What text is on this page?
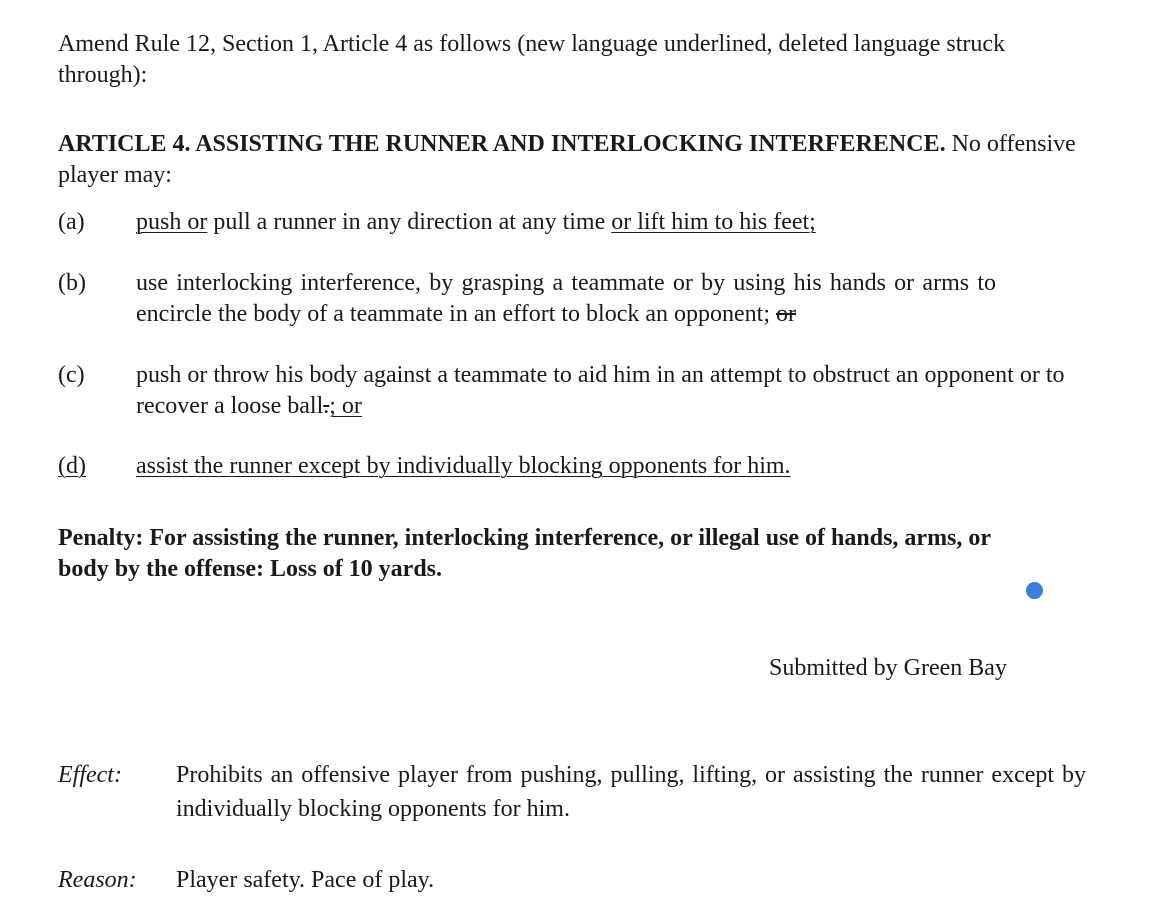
Amend Rule 12, Section 1, Article 4 as follows (new language underlined, deleted language struck through):
ARTICLE 4. ASSISTING THE RUNNER AND INTERLOCKING INTERFERENCE. No offensive player may:
(a) push or pull a runner in any direction at any time or lift him to his feet;
(b) use interlocking interference, by grasping a teammate or by using his hands or arms to encircle the body of a teammate in an effort to block an opponent; or
(c) push or throw his body against a teammate to aid him in an attempt to obstruct an opponent or to recover a loose ball.; or
(d) assist the runner except by individually blocking opponents for him.
Penalty: For assisting the runner, interlocking interference, or illegal use of hands, arms, or body by the offense: Loss of 10 yards.
Submitted by Green Bay
Effect: Prohibits an offensive player from pushing, pulling, lifting, or assisting the runner except by individually blocking opponents for him.
Reason: Player safety. Pace of play.
